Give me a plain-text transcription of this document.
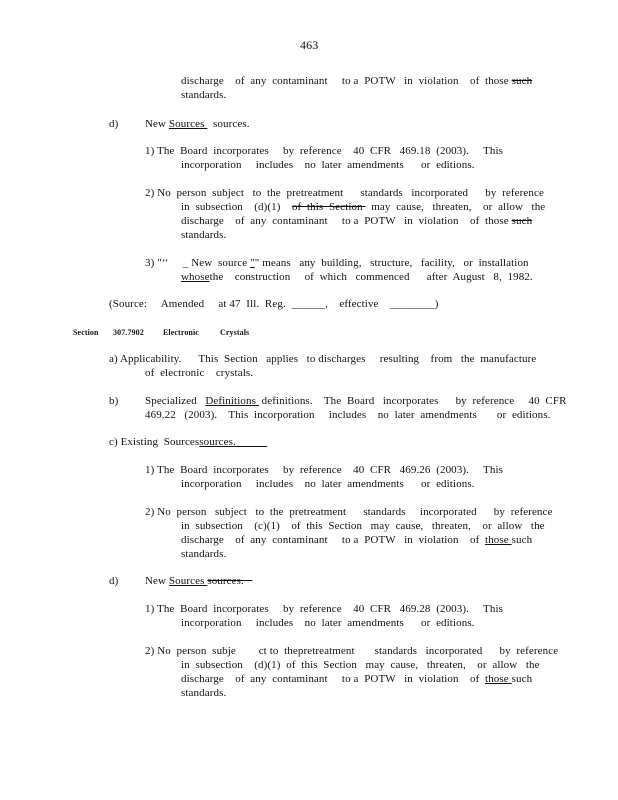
463
discharge    of  any  contaminant     to a  POTW   in  violation    of  those such
standards.
d) New Sources   sources.
1) The  Board  incorporates     by  reference    40  CFR   469.18  (2003).     This
incorporation     includes    no  later  amendments      or  editions.
2) No  person  subject   to  the  pretreatment      standards   incorporated      by  reference
in  subsection    (d)(1)    of  this  Section   may  cause,   threaten,    or  allow   the
discharge    of  any  contaminant     to a  POTW   in  violation    of  those such
standards.
3) "‘‘     _ New  source "" means   any  building,   structure,   facility,   or  installation
whosethe    construction     of  which   commenced      after  August   8,  1982.
(Source:     Amended     at 47  Ill.  Reg.  ______,    effective    ________)
Section 307.7902 Electronic	Crystals
a) Applicability.      This  Section   applies   to discharges     resulting    from   the  manufacture
of  electronic    crystals.
b) Specialized   Definitions  definitions.    The  Board   incorporates      by  reference     40  CFR
469.22   (2003).    This  incorporation     includes    no  later  amendments       or  editions.
c) Existing  Sourcessources.
1) The  Board  incorporates     by  reference    40  CFR   469.26  (2003).     This
incorporation     includes    no  later  amendments      or  editions.
2) No  person   subject   to  the  pretreatment      standards     incorporated      by  reference
in  subsection    (c)(1)    of  this  Section   may  cause,   threaten,    or  allow   the
discharge    of  any  contaminant     to a  POTW   in  violation    of  those such
standards.
d) New Sources sources.
1) The  Board  incorporates     by  reference    40  CFR   469.28  (2003).     This
incorporation     includes    no  later  amendments      or  editions.
2) No  person  subje        ct to  thepretreatment       standards   incorporated      by  reference
in  subsection    (d)(1)  of  this  Section   may  cause,   threaten,    or  allow   the
discharge    of  any  contaminant     to a  POTW   in  violation    of  those such
standards.
